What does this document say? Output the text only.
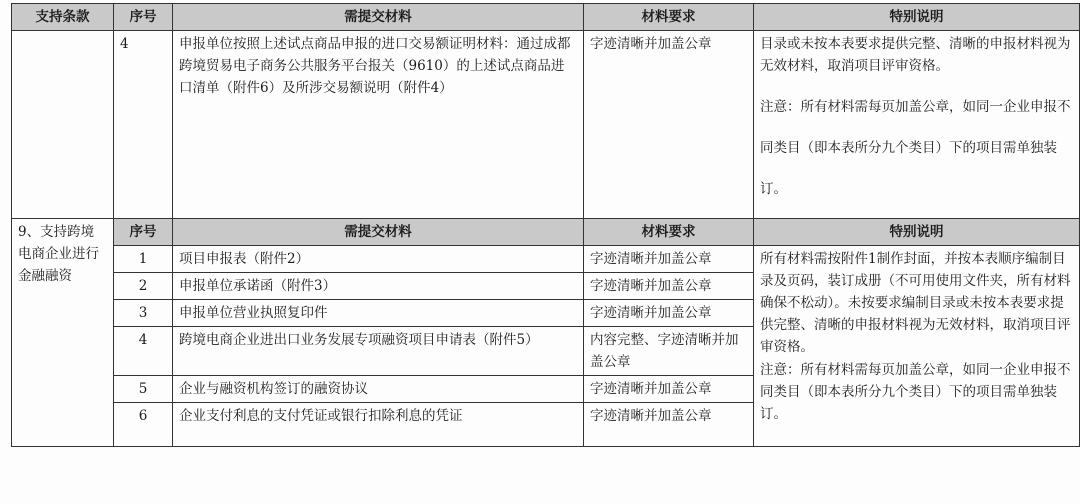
支持条款	序号	需提交材料	材料要求	特别说明
	4	申报单位按照上述试点商品申报的进口交易额证明材料：通过成都跨境贸易电子商务公共服务平台报关（9610）的上述试点商品进口清单（附件6）及所涉交易额说明（附件4）	字迹清晰并加盖公章	目录或未按本表要求提供完整、清晰的申报材料视为无效材料，取消项目评审资格。

注意：所有材料需每页加盖公章，如同一企业申报不同类目（即本表所分九个类目）下的项目需单独装订。

9、支持跨境电商企业进行金融融资	序号	需提交材料	材料要求	特别说明
	1	项目申报表（附件2）	字迹清晰并加盖公章	所有材料需按附件1制作封面，并按本表顺序编制目录及页码，装订成册（不可用使用文件夹，所有材料确保不松动）。未按要求编制目录或未按本表要求提供完整、清晰的申报材料视为无效材料，取消项目评审资格。

注意：所有材料需每页加盖公章，如同一企业申报不同类目（即本表所分九个类目）下的项目需单独装订。

	2	申报单位承诺函（附件3）	字迹清晰并加盖公章	
	3	申报单位营业执照复印件	字迹清晰并加盖公章	
	4	跨境电商企业进出口业务发展专项融资项目申请表（附件5）	内容完整、字迹清晰并加盖公章	
	5	企业与融资机构签订的融资协议	字迹清晰并加盖公章	
	6	企业支付利息的支付凭证或银行扣除利息的凭证	字迹清晰并加盖公章	
